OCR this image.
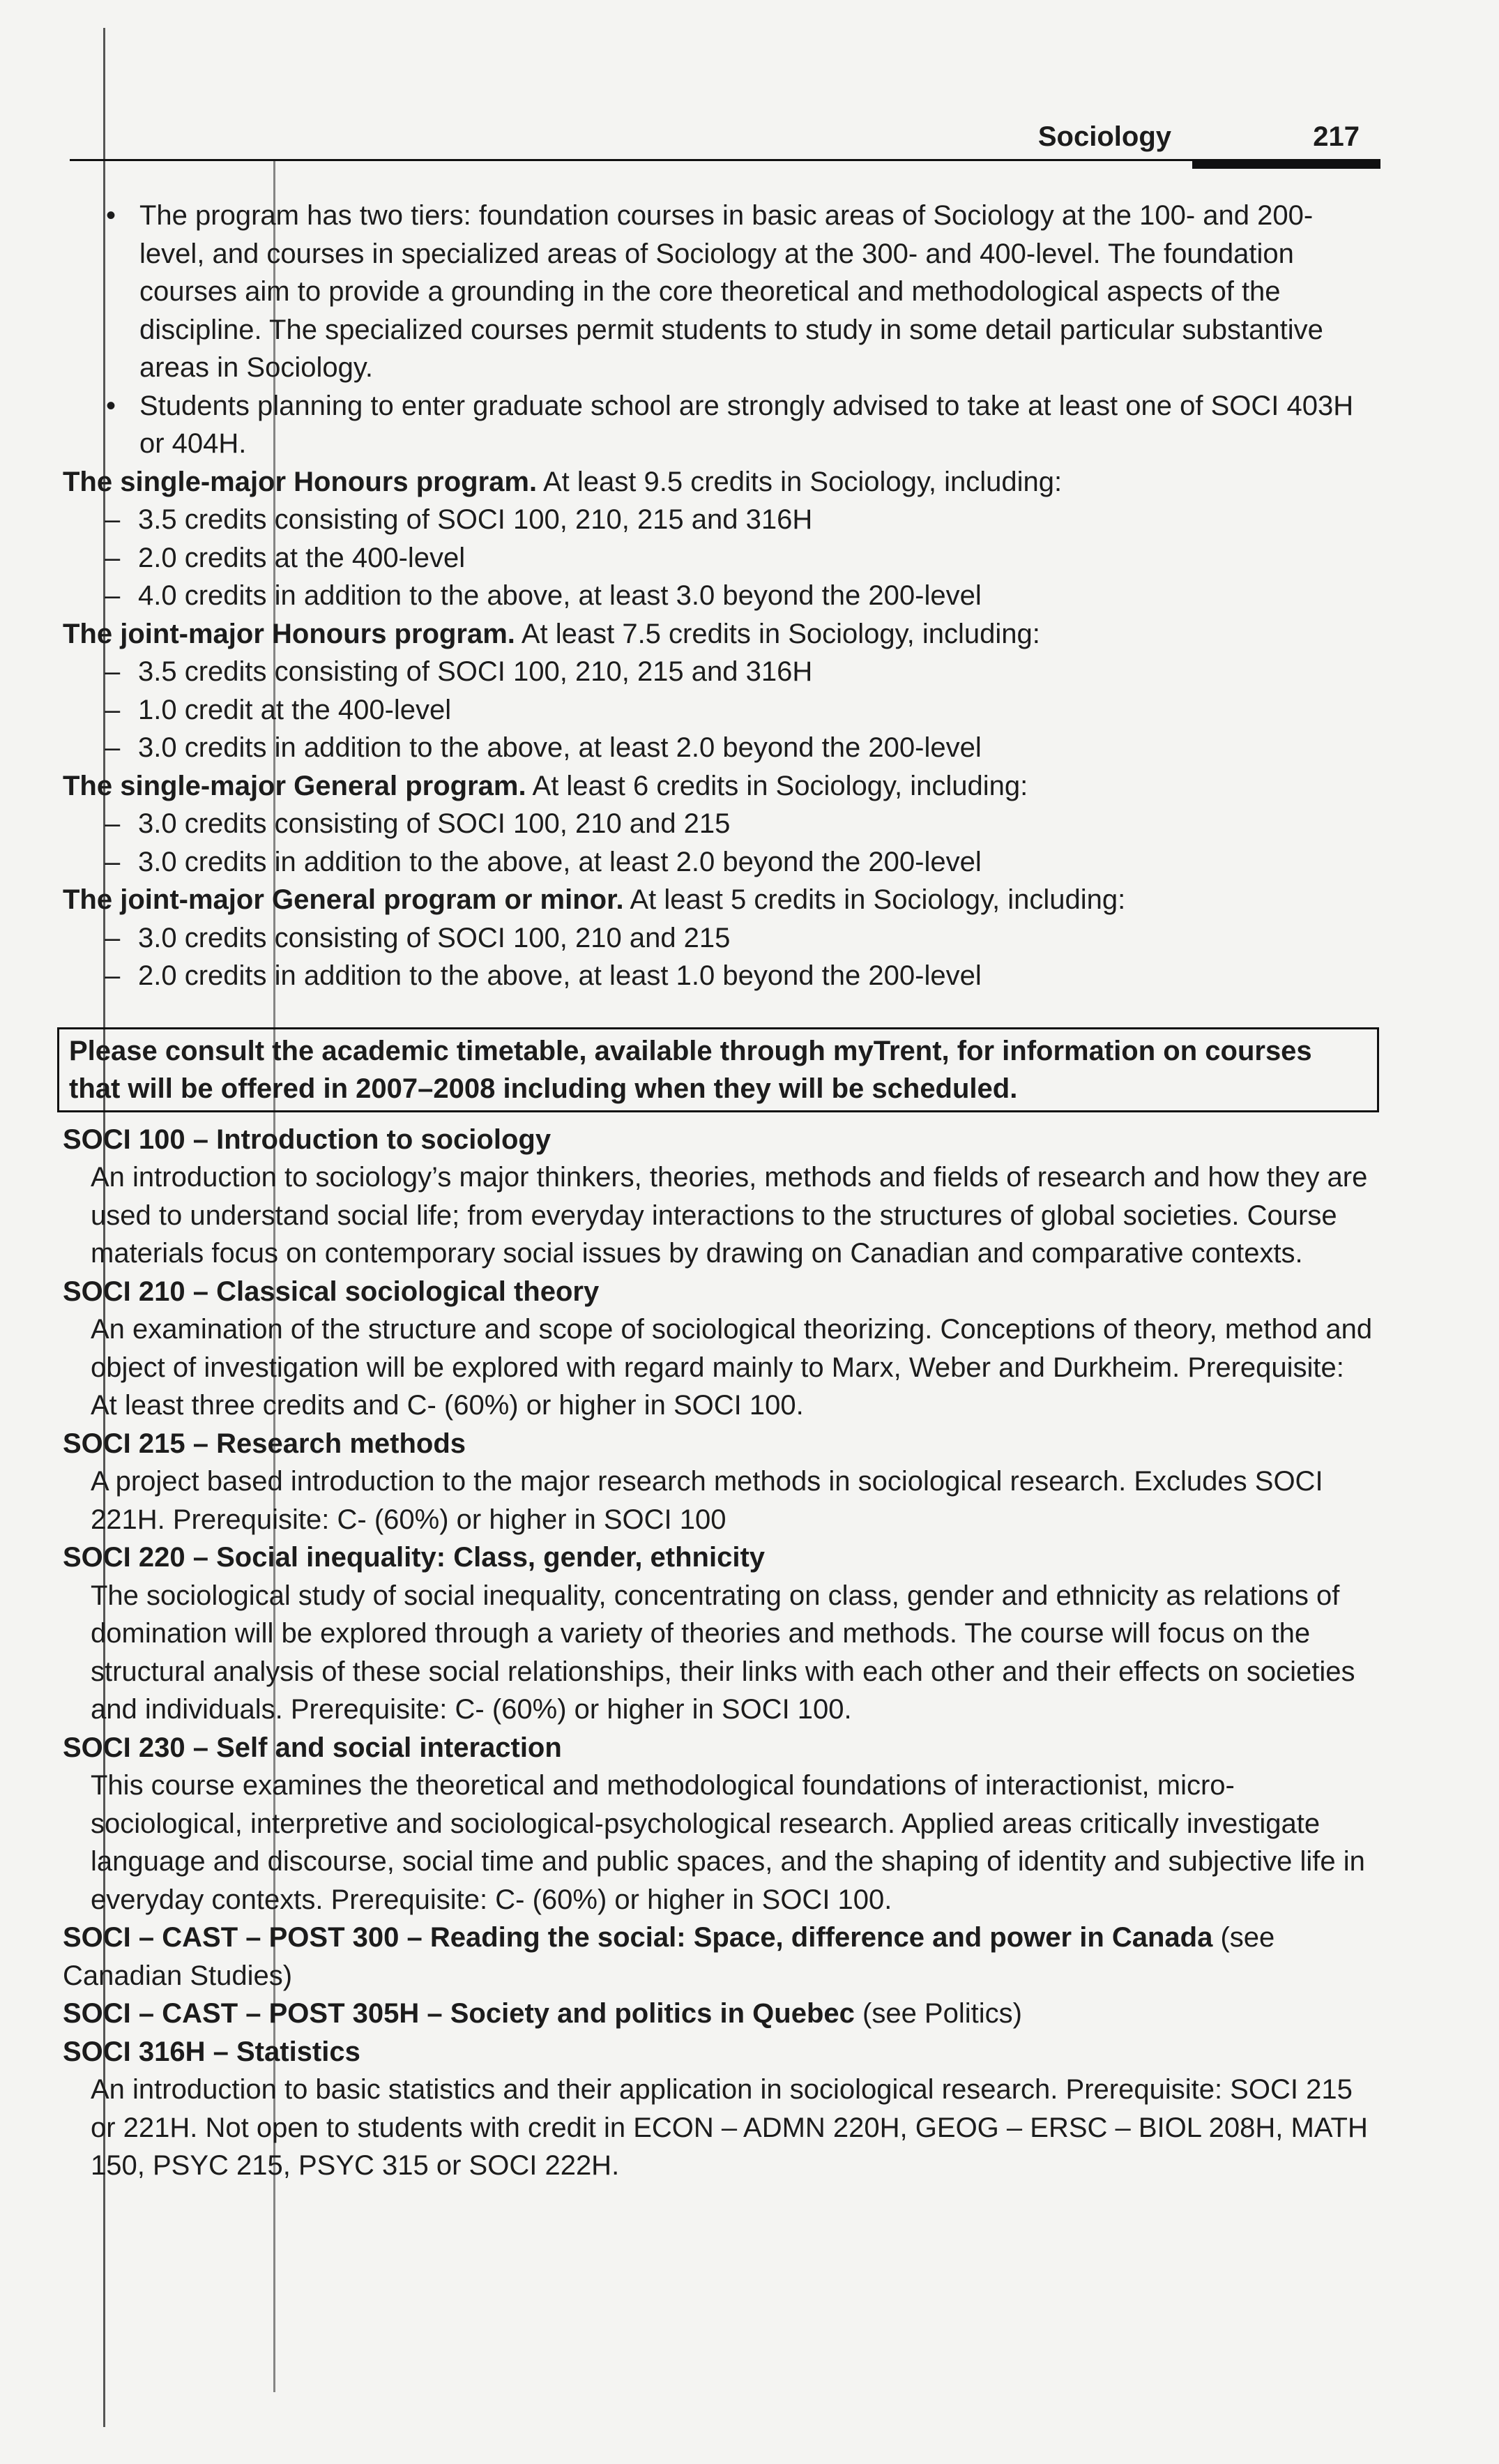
Sociology	217
• The program has two tiers: foundation courses in basic areas of Sociology at the 100- and 200-level, and courses in specialized areas of Sociology at the 300- and 400-level. The foundation courses aim to provide a grounding in the core theoretical and methodological aspects of the discipline. The specialized courses permit students to study in some detail particular substantive areas in Sociology.
• Students planning to enter graduate school are strongly advised to take at least one of SOCI 403H or 404H.
The single-major Honours program. At least 9.5 credits in Sociology, including:
– 3.5 credits consisting of SOCI 100, 210, 215 and 316H
– 2.0 credits at the 400-level
– 4.0 credits in addition to the above, at least 3.0 beyond the 200-level
The joint-major Honours program. At least 7.5 credits in Sociology, including:
– 3.5 credits consisting of SOCI 100, 210, 215 and 316H
– 1.0 credit at the 400-level
– 3.0 credits in addition to the above, at least 2.0 beyond the 200-level
The single-major General program. At least 6 credits in Sociology, including:
– 3.0 credits consisting of SOCI 100, 210 and 215
– 3.0 credits in addition to the above, at least 2.0 beyond the 200-level
The joint-major General program or minor. At least 5 credits in Sociology, including:
– 3.0 credits consisting of SOCI 100, 210 and 215
– 2.0 credits in addition to the above, at least 1.0 beyond the 200-level
Please consult the academic timetable, available through myTrent, for information on courses that will be offered in 2007–2008 including when they will be scheduled.
SOCI 100 – Introduction to sociology

An introduction to sociology’s major thinkers, theories, methods and fields of research and how they are used to understand social life; from everyday interactions to the structures of global societies. Course materials focus on contemporary social issues by drawing on Canadian and comparative contexts.

SOCI 210 – Classical sociological theory

An examination of the structure and scope of sociological theorizing. Conceptions of theory, method and object of investigation will be explored with regard mainly to Marx, Weber and Durkheim. Prerequisite: At least three credits and C- (60%) or higher in SOCI 100.

SOCI 215 – Research methods

A project based introduction to the major research methods in sociological research. Excludes SOCI 221H. Prerequisite: C- (60%) or higher in SOCI 100

SOCI 220 – Social inequality: Class, gender, ethnicity

The sociological study of social inequality, concentrating on class, gender and ethnicity as relations of domination will be explored through a variety of theories and methods. The course will focus on the structural analysis of these social relationships, their links with each other and their effects on societies and individuals. Prerequisite: C- (60%) or higher in SOCI 100.

SOCI 230 – Self and social interaction

This course examines the theoretical and methodological foundations of interactionist, micro-sociological, interpretive and sociological-psychological research. Applied areas critically investigate language and discourse, social time and public spaces, and the shaping of identity and subjective life in everyday contexts. Prerequisite: C- (60%) or higher in SOCI 100.

SOCI – CAST – POST 300 – Reading the social: Space, difference and power in Canada (see Canadian Studies)
SOCI – CAST – POST 305H – Society and politics in Quebec (see Politics)
SOCI 316H – Statistics

An introduction to basic statistics and their application in sociological research. Prerequisite: SOCI 215 or 221H. Not open to students with credit in ECON – ADMN 220H, GEOG – ERSC – BIOL 208H, MATH 150, PSYC 215, PSYC 315 or SOCI 222H.
